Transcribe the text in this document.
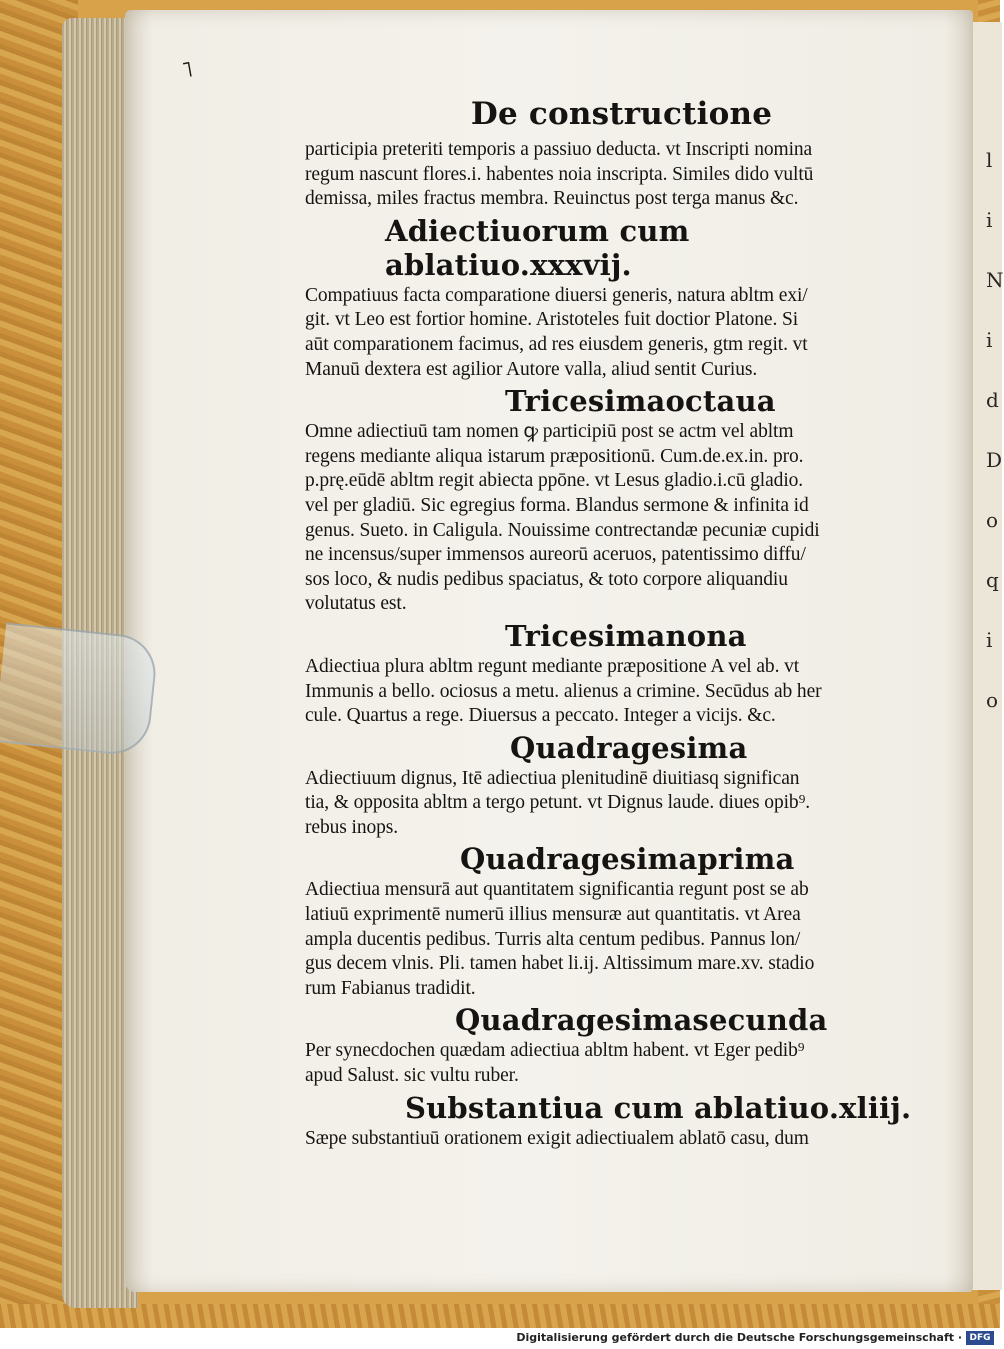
l
i
N
i
d
D
o
q
i
o
˥
De constructione
participia preteriti temporis a passiuo deducta. vt Inscripti nomina
regum nascunt flores.i. habentes noia inscripta. Similes dido vultū
demissa, miles fractus membra. Reuinctus post terga manus &c.
Adiectiuorum cum ablatiuo.xxxvij.
Compatiuus facta comparatione diuersi generis, natura abltm exi/
git. vt Leo est fortior homine. Aristoteles fuit doctior Platone. Si
aūt comparationem facimus, ad res eiusdem generis, gtm regit. vt
Manuū dextera est agilior Autore valla, aliud sentit Curius.
Tricesimaoctaua
Omne adiectiuū tam nomen ꝙ participiū post se actm vel abltm
regens mediante aliqua istarum præpositionū. Cum.de.ex.in. pro.
p.prę.eūdē abltm regit abiecta ppōne. vt Lesus gladio.i.cū gladio.
vel per gladiū. Sic egregius forma. Blandus sermone & infinita id
genus. Sueto. in Caligula. Nouissime contrectandæ pecuniæ cupidi
ne incensus/super immensos aureorū aceruos, patentissimo diffu/
sos loco, & nudis pedibus spaciatus, & toto corpore aliquandiu
volutatus est.
Tricesimanona
Adiectiua plura abltm regunt mediante præpositione A vel ab. vt
Immunis a bello. ociosus a metu. alienus a crimine. Secūdus ab her
cule. Quartus a rege. Diuersus a peccato. Integer a vicijs. &c.
Quadragesima
Adiectiuum dignus, Itē adiectiua plenitudinē diuitiasq significan
tia, & opposita abltm a tergo petunt. vt Dignus laude. diues opib⁹.
rebus inops.
Quadragesimaprima
Adiectiua mensurā aut quantitatem significantia regunt post se ab
latiuū exprimentē numerū illius mensuræ aut quantitatis. vt Area
ampla ducentis pedibus. Turris alta centum pedibus. Pannus lon/
gus decem vlnis. Pli. tamen habet li.ij. Altissimum mare.xv. stadio
rum Fabianus tradidit.
Quadragesimasecunda
Per synecdochen quædam adiectiua abltm habent. vt Eger pedib⁹
apud Salust. sic vultu ruber.
Substantiua cum ablatiuo.xliij.
Sæpe substantiuū orationem exigit adiectiualem ablatō casu, dum
Digitalisierung gefördert durch die Deutsche Forschungsgemeinschaft · DFG
